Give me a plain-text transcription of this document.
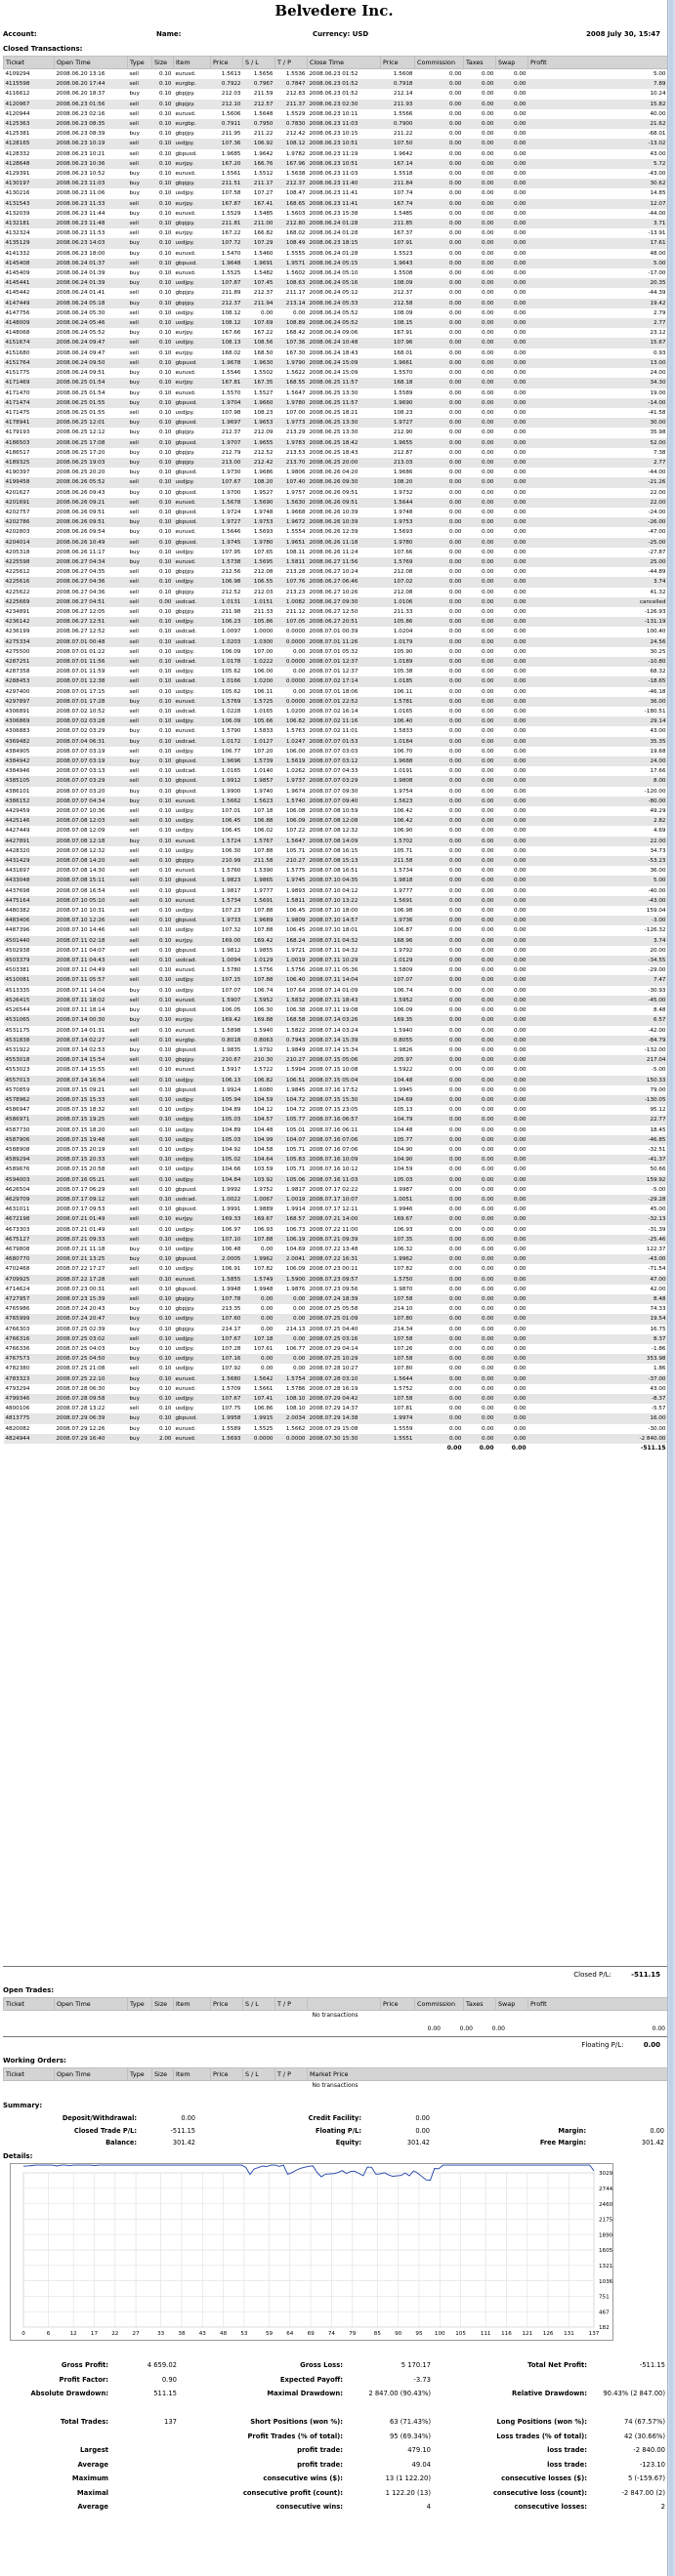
Belvedere Inc.
Account:	Name:	Currency: USD	2008 July 30, 15:47
Closed Transactions:
Ticket	Open Time	Type	Size	Item	Price	S / L	T / P	Close Time	Price	Commission	Taxes	Swap	Profit
4109294	2008.06.20 13:16	sell	0.10	eurusd.	1.5613	1.5656	1.5536	2008.06.23 01:52	1.5608	0.00	0.00	0.00	5.00
4115598	2008.06.20 17:44	sell	0.10	eurgbp.	0.7922	0.7967	0.7847	2008.06.23 01:52	0.7918	0.00	0.00	0.00	7.89
4116612	2008.06.20 18:37	buy	0.10	gbpjpy.	212.03	211.59	212.83	2008.06.23 01:52	212.14	0.00	0.00	0.00	10.24
4120967	2008.06.23 01:56	sell	0.10	gbpjpy.	212.10	212.57	211.37	2008.06.23 02:30	211.93	0.00	0.00	0.00	15.82
4120944	2008.06.23 02:16	sell	0.10	eurusd.	1.5606	1.5648	1.5529	2008.06.23 10:11	1.5566	0.00	0.00	0.00	40.00
4125363	2008.06.23 08:35	sell	0.10	eurgbp.	0.7911	0.7950	0.7830	2008.06.23 11:03	0.7900	0.00	0.00	0.00	21.62
4125381	2008.06.23 08:39	buy	0.10	gbpjpy.	211.95	211.22	212.42	2008.06.23 10:15	211.22	0.00	0.00	0.00	-68.01
4128165	2008.06.23 10:19	sell	0.10	usdjpy.	107.36	106.92	108.12	2008.06.23 10:51	107.50	0.00	0.00	0.00	-13.02
4128332	2008.06.23 10:21	sell	0.10	gbpusd.	1.9685	1.9642	1.9782	2008.06.23 11:19	1.9642	0.00	0.00	0.00	43.00
4128648	2008.06.23 10:36	sell	0.10	eurjpy.	167.20	166.76	167.96	2008.06.23 10:51	167.14	0.00	0.00	0.00	5.72
4129391	2008.06.23 10:52	buy	0.10	eurusd.	1.5561	1.5512	1.5638	2008.06.23 11:03	1.5518	0.00	0.00	0.00	-43.00
4130197	2008.06.23 11:03	buy	0.10	gbpjpy.	211.51	211.17	212.37	2008.06.23 11:40	211.84	0.00	0.00	0.00	30.62
4130216	2008.06.23 11:06	buy	0.10	usdjpy.	107.58	107.27	108.47	2008.06.23 11:41	107.74	0.00	0.00	0.00	14.85
4131543	2008.06.23 11:33	sell	0.10	eurjpy.	167.87	167.41	168.65	2008.06.23 11:41	167.74	0.00	0.00	0.00	12.07
4132039	2008.06.23 11:44	buy	0.10	eurusd.	1.5529	1.5485	1.5603	2008.06.23 15:38	1.5485	0.00	0.00	0.00	-44.00
4132181	2008.06.23 11:48	sell	0.10	gbpjpy.	211.81	211.00	212.80	2008.06.24 01:28	211.85	0.00	0.00	0.00	3.71
4132324	2008.06.23 11:53	sell	0.10	eurjpy.	167.22	166.82	168.02	2008.06.24 01:28	167.37	0.00	0.00	0.00	-13.91
4135129	2008.06.23 14:03	buy	0.10	usdjpy.	107.72	107.29	108.49	2008.06.23 18:15	107.91	0.00	0.00	0.00	17.61
4141332	2008.06.23 18:00	buy	0.10	eurusd.	1.5470	1.5460	1.5555	2008.06.24 01:28	1.5523	0.00	0.00	0.00	48.00
4145408	2008.06.24 01:37	sell	0.10	gbpusd.	1.9648	1.9691	1.9571	2008.06.24 05:15	1.9643	0.00	0.00	0.00	5.00
4145409	2008.06.24 01:39	buy	0.10	eurusd.	1.5525	1.5482	1.5602	2008.06.24 05:10	1.5508	0.00	0.00	0.00	-17.00
4145441	2008.06.24 01:39	buy	0.10	usdjpy.	107.87	107.45	108.63	2008.06.24 05:16	108.09	0.00	0.00	0.00	20.35
4145442	2008.06.24 01:41	sell	0.10	gbpjpy.	211.89	212.37	211.17	2008.06.24 05:12	212.37	0.00	0.00	0.00	-44.39
4147449	2008.06.24 05:18	buy	0.10	gbpjpy.	212.37	211.94	213.14	2008.06.24 05:33	212.58	0.00	0.00	0.00	19.42
4147756	2008.06.24 05:30	sell	0.10	usdjpy.	108.12	0.00	0.00	2008.06.24 05:52	108.09	0.00	0.00	0.00	2.79
4148009	2008.06.24 05:46	sell	0.10	usdjpy.	108.12	107.69	108.89	2008.06.24 05:52	108.15	0.00	0.00	0.00	2.77
4148068	2008.06.24 05:52	buy	0.10	eurjpy.	167.66	167.22	168.42	2008.06.24 09:06	167.91	0.00	0.00	0.00	23.12
4151674	2008.06.24 09:47	sell	0.10	usdjpy.	108.13	108.56	107.36	2008.06.24 10:48	107.96	0.00	0.00	0.00	15.67
4151680	2008.06.24 09:47	sell	0.10	eurjpy.	168.02	168.50	167.30	2008.06.24 18:43	168.01	0.00	0.00	0.00	0.93
4151764	2008.06.24 09:50	sell	0.10	gbpusd.	1.9678	1.9630	1.9790	2008.06.24 15:09	1.9661	0.00	0.00	0.00	13.00
4151775	2008.06.24 09:51	buy	0.10	eurusd.	1.5546	1.5502	1.5622	2008.06.24 15:09	1.5570	0.00	0.00	0.00	24.00
4171469	2008.06.25 01:54	buy	0.10	eurjpy.	167.81	167.35	168.55	2008.06.25 11:57	168.18	0.00	0.00	0.00	34.30
4171470	2008.06.25 01:54	buy	0.10	eurusd.	1.5570	1.5527	1.5647	2008.06.25 13:30	1.5589	0.00	0.00	0.00	19.00
4171474	2008.06.25 01:55	buy	0.10	gbpusd.	1.9704	1.9660	1.9780	2008.06.25 11:57	1.9690	0.00	0.00	0.00	-14.00
4171475	2008.06.25 01:55	sell	0.10	usdjpy.	107.98	108.23	107.00	2008.06.25 18:21	108.23	0.00	0.00	0.00	-41.58
4178941	2008.06.25 12:01	buy	0.10	gbpusd.	1.9697	1.9653	1.9773	2008.06.25 13:30	1.9727	0.00	0.00	0.00	30.00
4179193	2008.06.25 12:12	buy	0.10	gbpjpy.	212.37	212.09	213.29	2008.06.25 13:30	212.90	0.00	0.00	0.00	35.98
4186503	2008.06.25 17:08	sell	0.10	gbpusd.	1.9707	1.9655	1.9783	2008.06.25 18:42	1.9655	0.00	0.00	0.00	52.00
4186517	2008.06.25 17:20	buy	0.10	gbpjpy.	212.79	212.52	213.53	2008.06.25 18:43	212.87	0.00	0.00	0.00	7.38
4189325	2008.06.25 19:03	buy	0.10	gbpjpy.	213.00	212.42	213.70	2008.06.25 20:00	213.03	0.00	0.00	0.00	2.77
4190397	2008.06.25 20:20	buy	0.10	gbpusd.	1.9730	1.9686	1.9806	2008.06.26 04:20	1.9686	0.00	0.00	0.00	-44.00
4199458	2008.06.26 05:52	sell	0.10	usdjpy.	107.67	108.20	107.40	2008.06.26 09:30	108.20	0.00	0.00	0.00	-21.26
4201627	2008.06.26 09:43	buy	0.10	gbpusd.	1.9700	1.9527	1.9757	2008.06.26 09:51	1.9732	0.00	0.00	0.00	22.00
4201691	2008.06.26 09:21	sell	0.10	eurusd.	1.5678	1.5690	1.5630	2008.06.26 09:51	1.5644	0.00	0.00	0.00	22.00
4202757	2008.06.26 09:51	sell	0.10	gbpusd.	1.9724	1.9748	1.9668	2008.06.26 10:39	1.9748	0.00	0.00	0.00	-24.00
4202786	2008.06.26 09:51	buy	0.10	gbpusd.	1.9727	1.9753	1.9672	2008.06.26 10:39	1.9753	0.00	0.00	0.00	-26.00
4202803	2008.06.26 09:54	buy	0.10	eurusd.	1.5646	1.5693	1.5554	2008.06.26 12:39	1.5693	0.00	0.00	0.00	-47.00
4204014	2008.06.26 10:49	sell	0.10	gbpusd.	1.9745	1.9780	1.9651	2008.06.26 11:18	1.9780	0.00	0.00	0.00	-25.00
4205318	2008.06.26 11:17	buy	0.10	usdjpy.	107.95	107.65	108.11	2008.06.26 11:24	107.66	0.00	0.00	0.00	-27.87
4225598	2008.06.27 04:34	buy	0.10	eurusd.	1.5738	1.5695	1.5811	2008.06.27 11:56	1.5769	0.00	0.00	0.00	25.00
4225612	2008.06.27 04:35	sell	0.10	gbpjpy.	212.56	212.08	213.28	2008.06.27 10:24	212.08	0.00	0.00	0.00	-44.89
4225616	2008.06.27 04:36	sell	0.10	usdjpy.	106.98	106.55	107.76	2008.06.27 06:46	107.02	0.00	0.00	0.00	3.74
4225622	2008.06.27 04:36	sell	0.10	gbpjpy.	212.52	212.03	213.23	2008.06.27 10:26	212.08	0.00	0.00	0.00	41.32
4225669	2008.06.27 04:51	sell	0.00	usdcad.	1.0131	1.0151	1.0082	2008.06.27 09:30	1.0106	0.00	0.00	0.00	cancelled
4234891	2008.06.27 12:05	sell	0.10	gbpjpy.	211.98	211.33	211.12	2008.06.27 12:50	211.33	0.00	0.00	0.00	-126.93
4236142	2008.06.27 12:51	sell	0.10	usdjpy.	106.23	105.86	107.05	2008.06.27 20:51	105.86	0.00	0.00	0.00	-131.19
4236199	2008.06.27 12:52	sell	0.10	usdcad.	1.0097	1.0000	0.0000	2008.07.01 00:39	1.0204	0.00	0.00	0.00	100.40
4275334	2008.07.01 00:48	sell	0.10	usdcad.	1.0203	1.0300	0.0000	2008.07.01 11:26	1.0179	0.00	0.00	0.00	24.56
4275500	2008.07.01 01:22	sell	0.10	usdjpy.	106.09	107.00	0.00	2008.07.01 05:32	105.90	0.00	0.00	0.00	30.25
4287251	2008.07.01 11:56	sell	0.10	usdcad.	1.0178	1.0222	0.0000	2008.07.01 12:37	1.0189	0.00	0.00	0.00	-10.80
4287358	2008.07.01 11:59	sell	0.10	usdjpy.	105.62	106.00	0.00	2008.07.01 12:37	105.38	0.00	0.00	0.00	68.32
4288453	2008.07.01 12:38	sell	0.10	usdcad.	1.0166	1.0200	0.0000	2008.07.02 17:14	1.0185	0.00	0.00	0.00	-18.65
4297400	2008.07.01 17:15	sell	0.10	usdjpy.	105.62	106.11	0.00	2008.07.01 18:06	106.11	0.00	0.00	0.00	-46.18
4297897	2008.07.01 17:28	buy	0.10	eurusd.	1.5769	1.5725	0.0000	2008.07.01 22:52	1.5781	0.00	0.00	0.00	36.00
4306891	2008.07.02 10:52	sell	0.10	usdcad.	1.0228	1.0165	1.0200	2008.07.02 16:14	1.0165	0.00	0.00	0.00	-180.51
4306869	2008.07.02 03:28	sell	0.10	usdjpy.	106.09	105.66	106.82	2008.07.02 11:16	106.40	0.00	0.00	0.00	29.14
4306883	2008.07.02 03:29	buy	0.10	eurusd.	1.5790	1.5833	1.5763	2008.07.02 11:01	1.5833	0.00	0.00	0.00	43.00
4369482	2008.07.04 06:31	buy	0.10	usdcad.	1.0172	1.0127	1.0247	2008.07.07 01:53	1.0184	0.00	0.00	0.00	35.35
4384905	2008.07.07 03:19	sell	0.10	usdjpy.	106.77	107.20	106.00	2008.07.07 03:03	106.70	0.00	0.00	0.00	19.68
4384942	2008.07.07 03:19	buy	0.10	gbpusd.	1.9696	1.5739	1.5619	2008.07.07 03:12	1.9688	0.00	0.00	0.00	24.00
4384946	2008.07.07 03:13	sell	0.10	usdcad.	1.0165	1.0140	1.0262	2008.07.07 04:33	1.0191	0.00	0.00	0.00	17.66
4385105	2008.07.07 03:29	sell	0.10	gbpusd.	1.9912	1.9857	1.9737	2008.07.07 03:29	1.9808	0.00	0.00	0.00	8.00
4386101	2008.07.07 03:20	buy	0.10	gbpusd.	1.9900	1.9740	1.9674	2008.07.07 09:30	1.9754	0.00	0.00	0.00	-120.00
4386152	2008.07.07 04:34	buy	0.10	eurusd.	1.5662	1.5623	1.5740	2008.07.07 09:40	1.5623	0.00	0.00	0.00	-80.00
4429459	2008.07.07 10:36	sell	0.10	usdjpy.	107.01	107.18	106.08	2008.07.08 10:59	106.42	0.00	0.00	0.00	49.29
4425146	2008.07.08 12:03	sell	0.10	usdjpy.	106.45	106.88	106.09	2008.07.08 12:08	106.42	0.00	0.00	0.00	2.82
4427449	2008.07.08 12:09	sell	0.10	usdjpy.	106.45	106.02	107.22	2008.07.08 12:32	106.90	0.00	0.00	0.00	4.69
4427891	2008.07.08 12:18	buy	0.10	eurusd.	1.5724	1.5767	1.5647	2008.07.08 14:09	1.5702	0.00	0.00	0.00	22.00
4428320	2008.07.08 12:32	sell	0.10	usdjpy.	106.30	107.88	105.71	2008.07.08 16:15	105.71	0.00	0.00	0.00	34.73
4431429	2008.07.08 14:20	sell	0.10	gbpjpy.	210.99	211.58	210.27	2008.07.08 15:13	211.58	0.00	0.00	0.00	-53.23
4431697	2008.07.08 14:30	sell	0.10	eurusd.	1.5760	1.5390	1.5775	2008.07.08 16:51	1.5734	0.00	0.00	0.00	36.00
4433048	2008.07.08 15:11	sell	0.10	gbpusd.	1.9823	1.9865	1.9745	2008.07.10 04:35	1.9818	0.00	0.00	0.00	5.00
4437698	2008.07.08 16:54	sell	0.10	gbpusd.	1.9817	1.9777	1.9893	2008.07.10 04:12	1.9777	0.00	0.00	0.00	-40.00
4475164	2008.07.10 05:10	sell	0.10	eurusd.	1.5734	1.5691	1.5811	2008.07.10 13:22	1.5691	0.00	0.00	0.00	-43.00
4480382	2008.07.10 10:31	sell	0.10	usdjpy.	107.23	107.88	106.45	2008.07.10 18:00	106.98	0.00	0.00	0.00	159.04
4483406	2008.07.10 12:26	sell	0.10	gbpusd.	1.9733	1.9689	1.9809	2008.07.10 14:57	1.9736	0.00	0.00	0.00	-3.00
4487396	2008.07.10 14:46	sell	0.10	usdjpy.	107.32	107.88	106.45	2008.07.10 18:01	106.87	0.00	0.00	0.00	-126.32
4501440	2008.07.11 02:18	sell	0.10	eurjpy.	169.00	169.42	168.24	2008.07.11 04:32	168.96	0.00	0.00	0.00	3.74
4502938	2008.07.11 04:07	sell	0.10	gbpusd.	1.9812	1.9855	1.9721	2008.07.11 04:32	1.9792	0.00	0.00	0.00	20.00
4503379	2008.07.11 04:43	sell	0.10	usdcad.	1.0094	1.0129	1.0019	2008.07.11 10:29	1.0129	0.00	0.00	0.00	-34.55
4503381	2008.07.11 04:49	sell	0.10	eurusd.	1.5780	1.5756	1.5756	2008.07.11 05:36	1.5809	0.00	0.00	0.00	-29.00
4510081	2008.07.11 05:57	sell	0.10	usdjpy.	107.15	107.88	106.40	2008.07.11 14:04	107.07	0.00	0.00	0.00	7.47
4513335	2008.07.11 14:04	buy	0.10	usdjpy.	107.07	106.74	107.64	2008.07.14 01:09	106.74	0.00	0.00	0.00	-30.93
4526415	2008.07.11 18:02	sell	0.10	eurusd.	1.5907	1.5952	1.5832	2008.07.11 18:43	1.5952	0.00	0.00	0.00	-45.00
4526544	2008.07.11 18:14	buy	0.10	gbpusd.	106.05	106.30	106.38	2008.07.11 19:08	106.09	0.00	0.00	0.00	8.48
4531065	2008.07.14 00:30	buy	0.10	eurjpy.	169.42	169.88	168.58	2008.07.14 03:26	169.35	0.00	0.00	0.00	6.57
4531175	2008.07.14 01:31	sell	0.10	eurusd.	1.5898	1.5940	1.5822	2008.07.14 03:24	1.5940	0.00	0.00	0.00	-42.00
4531838	2008.07.14 02:27	sell	0.10	eurgbp.	0.8018	0.8063	0.7943	2008.07.14 15:39	0.8055	0.00	0.00	0.00	-84.79
4531922	2008.07.14 02:53	buy	0.10	gbpusd.	1.9835	1.9792	1.9849	2008.07.14 15:34	1.9826	0.00	0.00	0.00	-132.00
4553018	2008.07.14 15:54	sell	0.10	gbpjpy.	210.67	210.30	210.27	2008.07.15 05:06	205.97	0.00	0.00	0.00	217.04
4553023	2008.07.14 15:55	sell	0.10	eurusd.	1.5917	1.5722	1.5994	2008.07.15 10:08	1.5922	0.00	0.00	0.00	-5.00
4557013	2008.07.14 16:54	sell	0.10	usdjpy.	106.13	106.82	106.51	2008.07.15 05:04	104.48	0.00	0.00	0.00	150.33
4570859	2008.07.15 09:21	sell	0.10	gbpusd.	1.9924	1.6080	1.9845	2008.07.16 17:52	1.9945	0.00	0.00	0.00	79.00
4578962	2008.07.15 15:33	sell	0.10	usdjpy.	105.94	104.59	104.72	2008.07.15 15:30	104.69	0.00	0.00	0.00	-130.05
4586947	2008.07.15 18:32	sell	0.10	usdjpy.	104.89	104.12	104.72	2008.07.15 23:05	105.13	0.00	0.00	0.00	95.12
4586971	2008.07.15 19:25	sell	0.10	usdjpy.	105.03	104.57	105.77	2008.07.16 06:57	104.79	0.00	0.00	0.00	22.77
4587730	2008.07.15 18:20	sell	0.10	usdjpy.	104.89	104.48	105.01	2008.07.16 06:11	104.48	0.00	0.00	0.00	18.45
4587906	2008.07.15 19:48	sell	0.10	usdjpy.	105.03	104.99	104.07	2008.07.16 07:06	105.77	0.00	0.00	0.00	-46.85
4588908	2008.07.15 20:19	sell	0.10	usdjpy.	104.92	104.58	105.71	2008.07.16 07:06	104.90	0.00	0.00	0.00	-32.51
4589294	2008.07.15 20:33	sell	0.10	usdjpy.	105.02	104.64	105.83	2008.07.16 10:09	104.90	0.00	0.00	0.00	-41.37
4589676	2008.07.15 20:58	sell	0.10	usdjpy.	104.66	103.59	105.71	2008.07.16 10:12	104.59	0.00	0.00	0.00	50.66
4594003	2008.07.16 05:21	sell	0.10	usdjpy.	104.84	103.92	105.06	2008.07.16 11:03	105.03	0.00	0.00	0.00	159.92
4626504	2008.07.17 06:29	sell	0.10	gbpusd.	1.9992	1.9752	1.9817	2008.07.17 02:22	1.9987	0.00	0.00	0.00	-5.00
4629709	2008.07.17 09:12	sell	0.10	usdcad.	1.0022	1.0067	1.0019	2008.07.17 10:07	1.0051	0.00	0.00	0.00	-29.28
4631011	2008.07.17 09:53	sell	0.10	gbpusd.	1.9991	1.9889	1.9914	2008.07.17 12:11	1.9946	0.00	0.00	0.00	45.00
4672198	2008.07.21 01:49	sell	0.10	eurjpy.	169.33	169.67	168.57	2008.07.21 14:00	169.67	0.00	0.00	0.00	-32.13
4673303	2008.07.21 01:49	sell	0.10	usdjpy.	106.97	106.93	106.73	2008.07.22 11:00	106.93	0.00	0.00	0.00	-31.39
4675127	2008.07.21 09:33	sell	0.10	usdjpy.	107.10	107.88	106.19	2008.07.21 09:39	107.35	0.00	0.00	0.00	-25.46
4679808	2008.07.21 11:18	buy	0.10	usdjpy.	106.48	0.00	104.69	2008.07.22 13:48	106.32	0.00	0.00	0.00	122.37
4680770	2008.07.21 13:25	buy	0.10	gbpusd.	2.0005	1.9962	2.0041	2008.07.22 16:31	1.9962	0.00	0.00	0.00	-43.00
4702468	2008.07.22 17:27	sell	0.10	usdjpy.	106.91	107.82	106.09	2008.07.23 00:11	107.82	0.00	0.00	0.00	-71.54
4709925	2008.07.22 17:28	sell	0.10	eurusd.	1.5855	1.5749	1.5900	2008.07.23 09:57	1.5750	0.00	0.00	0.00	47.00
4714624	2008.07.23 00:31	sell	0.10	gbpusd.	1.9948	1.9948	1.9876	2008.07.23 09:56	1.9870	0.00	0.00	0.00	42.00
4727957	2008.07.23 15:39	sell	0.10	gbpjpy.	107.78	0.00	0.00	2008.07.24 18:39	107.58	0.00	0.00	0.00	8.48
4765986	2008.07.24 20:43	buy	0.10	gbpjpy.	213.35	0.00	0.00	2008.07.25 05:58	214.10	0.00	0.00	0.00	74.33
4765999	2008.07.24 20:47	buy	0.10	usdjpy.	107.60	0.00	0.00	2008.07.25 01:09	107.80	0.00	0.00	0.00	19.54
4766303	2008.07.25 02:39	buy	0.10	gbpjpy.	214.17	0.00	214.13	2008.07.25 04:40	214.34	0.00	0.00	0.00	16.75
4766316	2008.07.25 03:02	sell	0.10	usdjpy.	107.67	107.18	0.00	2008.07.25 03:16	107.58	0.00	0.00	0.00	8.37
4766336	2008.07.25 04:03	buy	0.10	usdjpy.	107.28	107.61	106.77	2008.07.29 04:14	107.26	0.00	0.00	0.00	-1.86
4767573	2008.07.25 04:50	buy	0.10	usdjpy.	107.16	0.00	0.00	2008.07.25 10:29	107.58	0.00	0.00	0.00	353.98
4782380	2008.07.25 21:08	sell	0.10	usdjpy.	107.92	0.00	0.00	2008.07.28 10:27	107.80	0.00	0.00	0.00	1.86
4783323	2008.07.25 22:10	buy	0.10	eurusd.	1.5680	1.5642	1.5754	2008.07.28 03:10	1.5644	0.00	0.00	0.00	-37.00
4793294	2008.07.28 06:30	buy	0.10	eurusd.	1.5709	1.5661	1.5786	2008.07.28 16:19	1.5752	0.00	0.00	0.00	43.00
4799346	2008.07.28 09:58	buy	0.10	usdjpy.	107.67	107.41	108.10	2008.07.29 04:42	107.58	0.00	0.00	0.00	-8.37
4800106	2008.07.28 13:22	sell	0.10	usdjpy.	107.75	106.86	108.10	2008.07.29 14:37	107.81	0.00	0.00	0.00	-5.57
4813775	2008.07.29 06:39	buy	0.10	gbpusd.	1.9958	1.9915	2.0034	2008.07.29 14:38	1.9974	0.00	0.00	0.00	16.00
4820082	2008.07.29 12:26	buy	0.10	eurusd.	1.5589	1.5525	1.5662	2008.07.29 15:08	1.5559	0.00	0.00	0.00	-30.00
4824944	2008.07.29 16:40	buy	2.00	eurusd.	1.5693	0.0000	0.0000	2008.07.30 15:30	1.5551	0.00	0.00	0.00	-2 840.00
										0.00	0.00	0.00	-511.15
Closed P/L:	-511.15
Open Trades:
Ticket	Open Time	Type	Size	Item	Price	S / L	T / P		Price	Commission	Taxes	Swap	Profit
No transactions
	0.00	0.00	0.00	0.00
Floating P/L:	0.00
Working Orders:
Ticket	Open Time	Type	Size	Item	Price	S / L	T / P	Market Price
No transactions
Summary:
Deposit/Withdrawal:	0.00	Credit Facility:	0.00		
Closed Trade P/L:	-511.15	Floating P/L:	0.00	Margin:	0.00
Balance:	301.42	Equity:	301.42	Free Margin:	301.42
Details:
3029
2744
2460
2175
1890
1605
1321
1036
751
467
182
0	6	12	17	22	27	33	38	43	48	53	59	64	69	74	79	85	90	95 100 105	111 116 121 126 131	137
Gross Profit:	4 659.02	Gross Loss:	5 170.17	Total Net Profit:	-511.15
Profit Factor:	0.90	Expected Payoff:	-3.73		
Absolute Drawdown:	511.15	Maximal Drawdown:	2 847.00 (90.43%)	Relative Drawdown:	90.43% (2 847.00)

Total Trades:	137	Short Positions (won %):	63 (71.43%)	Long Positions (won %):	74 (67.57%)
		Profit Trades (% of total):	95 (69.34%)	Loss trades (% of total):	42 (30.66%)
Largest		profit trade:	479.10	loss trade:	-2 840.00
Average		profit trade:	49.04	loss trade:	-123.10
Maximum		consecutive wins ($):	13 (1 122.20)	consecutive losses ($):	5 (-159.67)
Maximal		consecutive profit (count):	1 122.20 (13)	consecutive loss (count):	-2 847.00 (2)
Average		consecutive wins:	4	consecutive losses:	2
